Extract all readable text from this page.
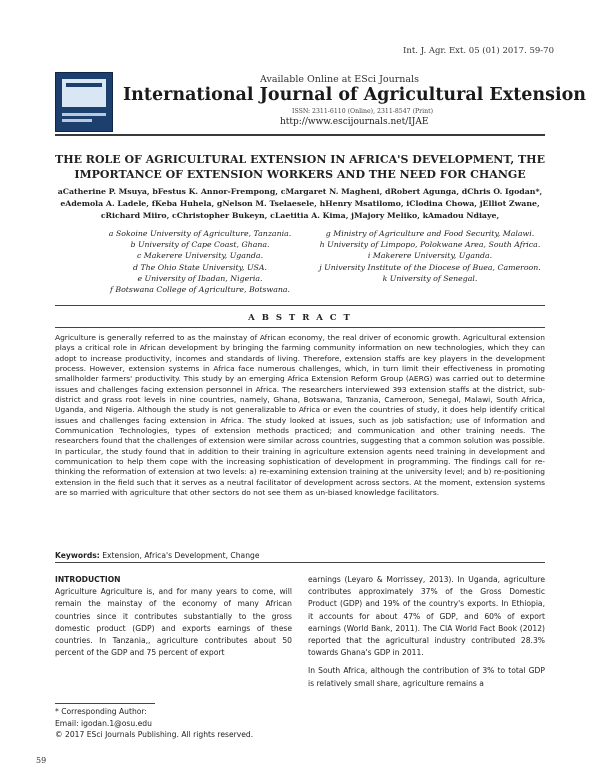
Int. J. Agr. Ext. 05 (01) 2017. 59-70
Available Online at ESci Journals
International Journal of Agricultural Extension
ISSN: 2311-6110 (Online), 2311-8547 (Print)
http://www.escijournals.net/IJAE
THE ROLE OF AGRICULTURAL EXTENSION IN AFRICA'S DEVELOPMENT, THE
IMPORTANCE OF EXTENSION WORKERS AND THE NEED FOR CHANGE
aCatherine P. Msuya, bFestus K. Annor-Frempong, cMargaret N. Magheni, dRobert Agunga, dChris O. Igodan*,
eAdemola A. Ladele, fKeba Huhela, gNelson M. Tselaesele, hHenry Msatilomo, iClodina Chowa, jElliot Zwane,
cRichard Miiro, cChristopher Bukeyn, cLaetitia A. Kima, jMajory Meliko, kAmadou Ndiaye,
a Sokoine University of Agriculture, Tanzania.
b University of Cape Coast, Ghana.
c Makerere University, Uganda.
d The Ohio State University, USA.
e University of Ibadan, Nigeria.
f Botswana College of Agriculture, Botswana.
g Ministry of Agriculture and Food Security, Malawi.
h University of Limpopo, Polokwane Area, South Africa.
i Makerere University, Uganda.
j University Institute of the Diocese of Buea, Cameroon.
k University of Senegal.
A B S T R A C T
Agriculture is generally referred to as the mainstay of African economy, the real driver of economic growth. Agricultural extension plays a critical role in African development by bringing the farming community information on new technologies, which they can adopt to increase productivity, incomes and standards of living. Therefore, extension staffs are key players in the development process. However, extension systems in Africa face numerous challenges, which, in turn limit their effectiveness in promoting smallholder farmers' productivity. This study by an emerging Africa Extension Reform Group (AERG) was carried out to determine issues and challenges facing extension personnel in Africa. The researchers interviewed 393 extension staffs at the district, sub-district and grass root levels in nine countries, namely, Ghana, Botswana, Tanzania, Cameroon, Senegal, Malawi, South Africa, Uganda, and Nigeria. Although the study is not generalizable to Africa or even the countries of study, it does help identify critical issues and challenges facing extension in Africa. The study looked at issues, such as job satisfaction; use of Information and Communication Technologies, types of extension methods practiced; and communication and other training needs. The researchers found that the challenges of extension were similar across countries, suggesting that a common solution was possible. In particular, the study found that in addition to their training in agriculture extension agents need training in development and communication to help them cope with the increasing sophistication of development in programming. The findings call for re-thinking the reformation of extension at two levels: a) re-examining extension training at the university level; and b) re-positioning extension in the field such that it serves as a neutral facilitator of development across sectors. At the moment, extension systems are so married with agriculture that other sectors do not see them as un-biased knowledge facilitators.
Keywords: Extension, Africa's Development, Change
INTRODUCTION

Agriculture Agriculture is, and for many years to come, will remain the mainstay of the economy of many African countries since it contributes substantially to the gross domestic product (GDP) and exports earnings of these countries. In Tanzania,, agriculture contributes about 50 percent of the GDP and 75 percent of export

* Corresponding Author:
Email: igodan.1@osu.edu
© 2017 ESci Journals Publishing. All rights reserved.

earnings (Leyaro & Morrissey, 2013). In Uganda, agriculture contributes approximately 37% of the Gross Domestic Product (GDP) and 19% of the country's exports. In Ethiopia, it accounts for about 47% of GDP, and 60% of export earnings (World Bank, 2011). The CIA World Fact Book (2012) reported that the agricultural industry contributed 28.3% towards Ghana's GDP in 2011.

In South Africa, although the contribution of 3% to total GDP is relatively small share, agriculture remains a

59
